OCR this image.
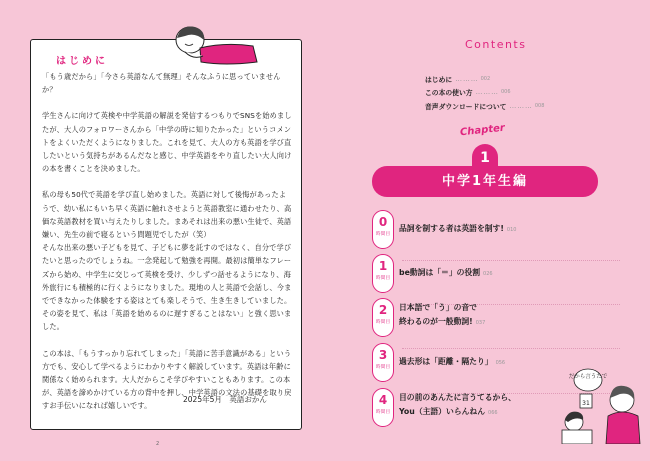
はじめに

「もう歳だから」「今さら英語なんて無理」そんなふうに思っていませんか？

学生さんに向けて英検や中学英語の解説を発信するつもりでSNSを始めましたが、大人のフォロワーさんから「中学の時に知りたかった」というコメントをよくいただくようになりました。これを見て、大人の方も英語を学び直したいという気持ちがあるんだなと感じ、中学英語をやり直したい大人向けの本を書くことを決めました。

私の母も50代で英語を学び直し始めました。英語に対して後悔があったようで、幼い私にもいち早く英語に触れさせようと英語教室に通わせたり、高価な英語教材を買い与えたりしました。まあそれは出来の悪い生徒で、英語嫌い、先生の前で寝るという問題児でしたが（笑）

そんな出来の悪い子どもを見て、子どもに夢を託すのではなく、自分で学びたいと思ったのでしょうね。一念発起して勉強を再開。最初は簡単なフレーズから始め、中学生に交じって英検を受け、少しずつ話せるようになり、海外旅行にも積極的に行くようになりました。現地の人と英語で会話し、今までできなかった体験をする姿はとても楽しそうで、生き生きしていました。その姿を見て、私は「英語を始めるのに遅すぎることはない」と強く思いました。

この本は、「もうすっかり忘れてしまった」「英語に苦手意識がある」という方でも、安心して学べるようにわかりやすく解説しています。英語は年齢に関係なく始められます。大人だからこそ学びやすいこともあります。この本が、英語を諦めかけている方の背中を押し、中学英語の文法の基礎を取り戻すお手伝いになれば嬉しいです。

2025年5月　英語おかん
2
Contents
はじめに ……… 002
この本の使い方 ……… 006
音声ダウンロードについて ……… 008
Chapter
1
中学1年生編
0
時間目
品詞を制する者は英語を制す! 010
1
時間目
be動詞は「＝」の役割 026
2
時間目
日本語で「う」の音で
終わるのが一般動詞! 037
3
時間目
過去形は「距離・隔たり」 056
4
時間目
目の前のあんたに言うてるから、
You（主語）いらんねん 066
だから言うたで
31
